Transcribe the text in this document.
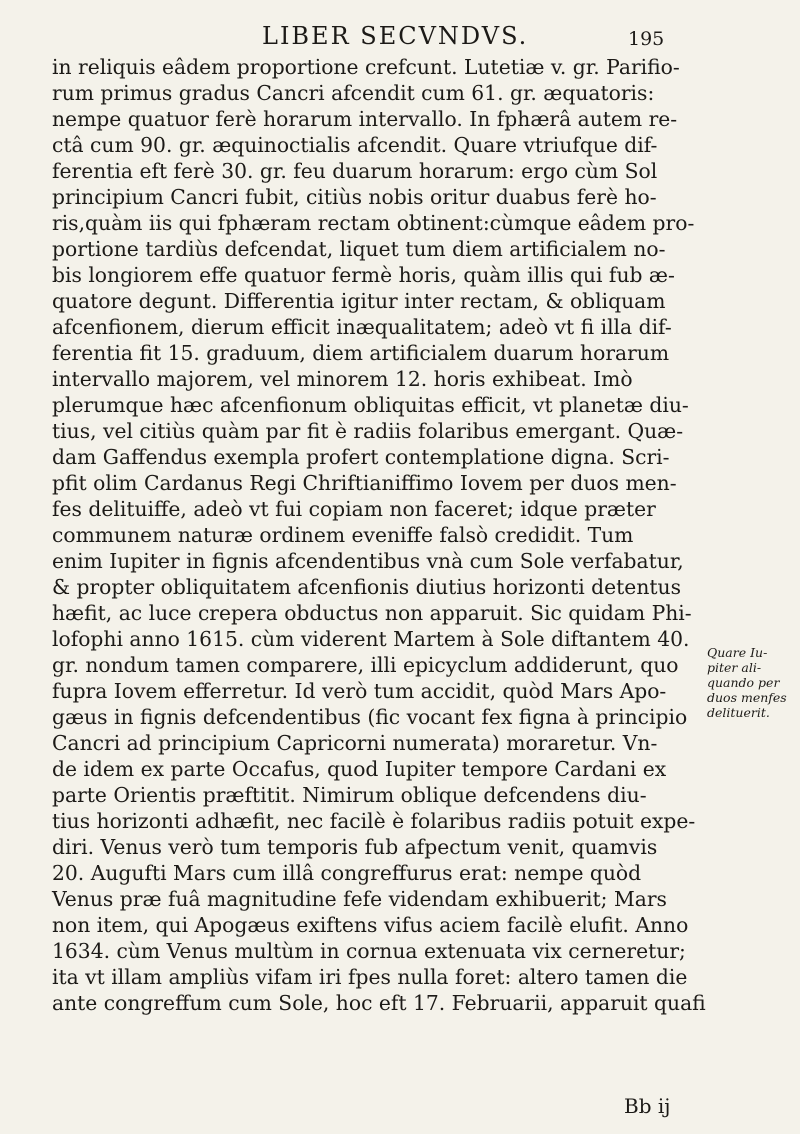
LIBER SECVNDVS.	195
in reliquis eâdem proportione crefcunt. Lutetiæ v. gr. Parifio-
rum primus gradus Cancri afcendit cum 61. gr. æquatoris:
nempe quatuor ferè horarum intervallo. In fphærâ autem re-
ctâ cum 90. gr. æquinoctialis afcendit. Quare vtriufque dif-
ferentia eft ferè 30. gr. feu duarum horarum: ergo cùm Sol
principium Cancri fubit, citiùs nobis oritur duabus ferè ho-
ris,quàm iis qui fphæram rectam obtinent:cùmque eâdem pro-
portione tardiùs defcendat, liquet tum diem artificialem no-
bis longiorem effe quatuor fermè horis, quàm illis qui fub æ-
quatore degunt. Differentia igitur inter rectam, & obliquam
afcenfionem, dierum efficit inæqualitatem; adeò vt fi illa dif-
ferentia fit 15. graduum, diem artificialem duarum horarum
intervallo majorem, vel minorem 12. horis exhibeat. Imò
plerumque hæc afcenfionum obliquitas efficit, vt planetæ diu-
tius, vel citiùs quàm par fit è radiis folaribus emergant. Quæ-
dam Gaffendus exempla profert contemplatione digna. Scri-
pfit olim Cardanus Regi Chriftianiffimo Iovem per duos men-
fes delituiffe, adeò vt fui copiam non faceret; idque præter
communem naturæ ordinem eveniffe falsò credidit. Tum
enim Iupiter in fignis afcendentibus vnà cum Sole verfabatur,
& propter obliquitatem afcenfionis diutius horizonti detentus
hæfit, ac luce crepera obductus non apparuit. Sic quidam Phi-
lofophi anno 1615. cùm viderent Martem à Sole diftantem 40.
gr. nondum tamen comparere, illi epicyclum addiderunt, quo
fupra Iovem efferretur. Id verò tum accidit, quòd Mars Apo-
gæus in fignis defcendentibus (fic vocant fex figna à principio
Cancri ad principium Capricorni numerata) moraretur. Vn-
de idem ex parte Occafus, quod Iupiter tempore Cardani ex
parte Orientis præftitit. Nimirum oblique defcendens diu-
tius horizonti adhæfit, nec facilè è folaribus radiis potuit expe-
diri. Venus verò tum temporis fub afpectum venit, quamvis
20. Augufti Mars cum illâ congreffurus erat: nempe quòd
Venus præ fuâ magnitudine fefe videndam exhibuerit; Mars
non item, qui Apogæus exiftens vifus aciem facilè elufit. Anno
1634. cùm Venus multùm in cornua extenuata vix cerneretur;
ita vt illam ampliùs vifam iri fpes nulla foret: altero tamen die
ante congreffum cum Sole, hoc eft 17. Februarii, apparuit quafi
Quare Iu-
piter ali-
quando per
duos menfes
delituerit.
Bb ij
